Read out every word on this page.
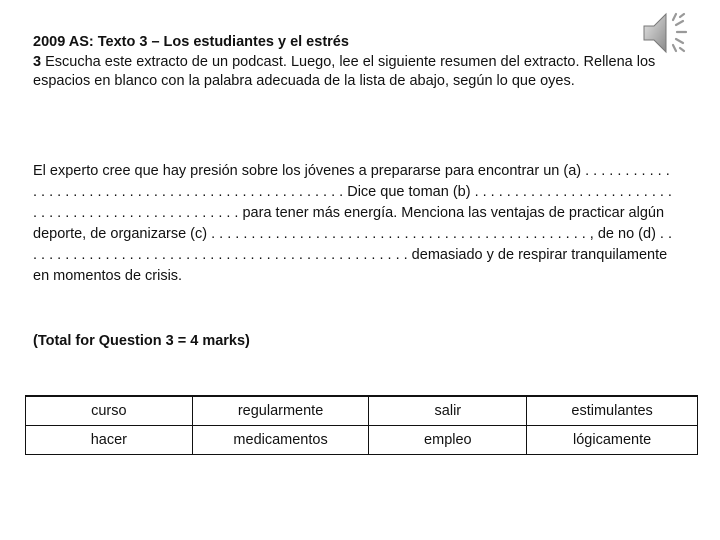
2009 AS: Texto 3 – Los estudiantes y el estrés
3 Escucha este extracto de un podcast. Luego, lee el siguiente resumen del extracto. Rellena los espacios en blanco con la palabra adecuada de la lista de abajo, según lo que oyes.
El experto cree que hay presión sobre los jóvenes a prepararse para encontrar un (a) . . . . . . . . . . . . . . . . . . . . . . . . . . . . . . . . . . . . . . . . . . . . . . . . . . Dice que toman (b) . . . . . . . . . . . . . . . . . . . . . . . . . . . . . . . . . . . . . . . . . . . . . . . . . . . para tener más energía. Menciona las ventajas de practicar algún deporte, de organizarse (c) . . . . . . . . . . . . . . . . . . . . . . . . . . . . . . . . . . . . . . . . . . . . . . . , de no (d) . . . . . . . . . . . . . . . . . . . . . . . . . . . . . . . . . . . . . . . . . . . . . . . . . demasiado y de respirar tranquilamente en momentos de crisis.
(Total for Question 3 = 4 marks)
curso	regularmente	salir	estimulantes
hacer	medicamentos	empleo	lógicamente
